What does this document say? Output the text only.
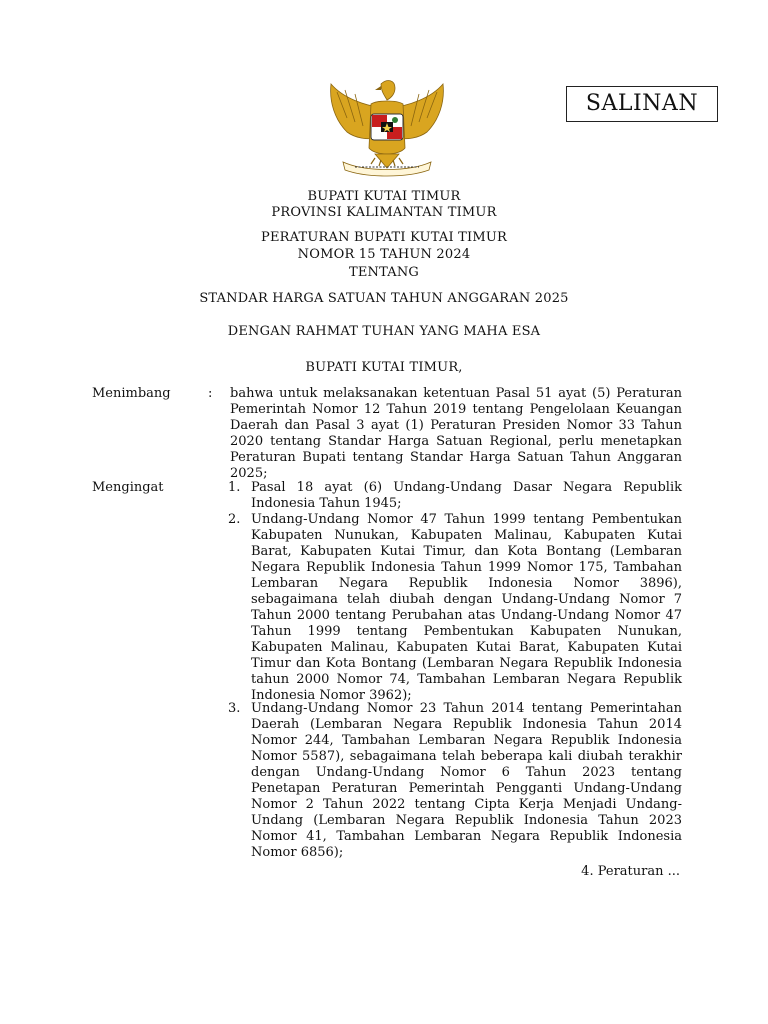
SALINAN
BUPATI KUTAI TIMUR
PROVINSI KALIMANTAN TIMUR
PERATURAN BUPATI KUTAI TIMUR
NOMOR 15 TAHUN 2024
TENTANG
STANDAR HARGA SATUAN TAHUN ANGGARAN 2025
DENGAN RAHMAT TUHAN YANG MAHA ESA
BUPATI KUTAI TIMUR,
Menimbang	: bahwa untuk melaksanakan ketentuan Pasal 51 ayat (5) Peraturan Pemerintah Nomor 12 Tahun 2019 tentang Pengelolaan Keuangan Daerah dan Pasal 3 ayat (1) Peraturan Presiden Nomor 33 Tahun 2020 tentang Standar Harga Satuan Regional, perlu menetapkan Peraturan Bupati tentang Standar Harga Satuan Tahun Anggaran 2025;
Mengingat	1. Pasal 18 ayat (6) Undang-Undang Dasar Negara Republik Indonesia Tahun 1945;
2. Undang-Undang Nomor 47 Tahun 1999 tentang Pembentukan Kabupaten Nunukan, Kabupaten Malinau, Kabupaten Kutai Barat, Kabupaten Kutai Timur, dan Kota Bontang (Lembaran Negara Republik Indonesia Tahun 1999 Nomor 175, Tambahan Lembaran Negara Republik Indonesia Nomor 3896), sebagaimana telah diubah dengan Undang-Undang Nomor 7 Tahun 2000 tentang Perubahan atas Undang-Undang Nomor 47 Tahun 1999 tentang Pembentukan Kabupaten Nunukan, Kabupaten Malinau, Kabupaten Kutai Barat, Kabupaten Kutai Timur dan Kota Bontang (Lembaran Negara Republik Indonesia tahun 2000 Nomor 74, Tambahan Lembaran Negara Republik Indonesia Nomor 3962);
3. Undang-Undang Nomor 23 Tahun 2014 tentang Pemerintahan Daerah (Lembaran Negara Republik Indonesia Tahun 2014 Nomor 244, Tambahan Lembaran Negara Republik Indonesia Nomor 5587), sebagaimana telah beberapa kali diubah terakhir dengan Undang-Undang Nomor 6 Tahun 2023 tentang Penetapan Peraturan Pemerintah Pengganti Undang-Undang Nomor 2 Tahun 2022 tentang Cipta Kerja Menjadi Undang-Undang (Lembaran Negara Republik Indonesia Tahun 2023 Nomor 41, Tambahan Lembaran Negara Republik Indonesia Nomor 6856);
4. Peraturan ...
